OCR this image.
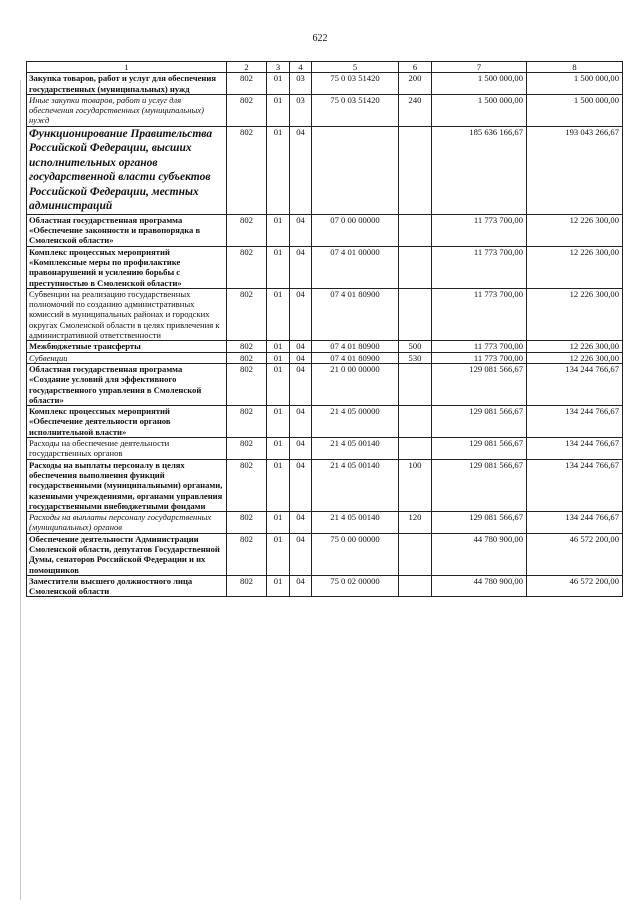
622
1	2	3	4	5	6	7	8
Закупка товаров, работ и услуг для обеспечения государственных (муниципальных) нужд	802	01	03	75 0 03 51420	200	1 500 000,00	1 500 000,00
Иные закупки товаров, работ и услуг для обеспечения государственных (муниципальных) нужд	802	01	03	75 0 03 51420	240	1 500 000,00	1 500 000,00
Функционирование Правительства Российской Федерации, высших исполнительных органов государственной власти субъектов Российской Федерации, местных администраций	802	01	04			185 636 166,67	193 043 266,67
Областная государственная программа «Обеспечение законности и правопорядка в Смоленской области»	802	01	04	07 0 00 00000		11 773 700,00	12 226 300,00
Комплекс процессных мероприятий «Комплексные меры по профилактике правонарушений и усилению борьбы с преступностью в Смоленской области»	802	01	04	07 4 01 00000		11 773 700,00	12 226 300,00
Субвенции на реализацию государственных полномочий по созданию административных комиссий в муниципальных районах и городских округах Смоленской области в целях привлечения к административной ответственности	802	01	04	07 4 01 80900		11 773 700,00	12 226 300,00
Межбюджетные трансферты	802	01	04	07 4 01 80900	500	11 773 700,00	12 226 300,00
Субвенции	802	01	04	07 4 01 80900	530	11 773 700,00	12 226 300,00
Областная государственная программа «Создание условий для эффективного государственного управления в Смоленской области»	802	01	04	21 0 00 00000		129 081 566,67	134 244 766,67
Комплекс процессных мероприятий «Обеспечение деятельности органов исполнительной власти»	802	01	04	21 4 05 00000		129 081 566,67	134 244 766,67
Расходы на обеспечение деятельности государственных органов	802	01	04	21 4 05 00140		129 081 566,67	134 244 766,67
Расходы на выплаты персоналу в целях обеспечения выполнения функций государственными (муниципальными) органами, казенными учреждениями, органами управления государственными внебюджетными фондами	802	01	04	21 4 05 00140	100	129 081 566,67	134 244 766,67
Расходы на выплаты персоналу государственных (муниципальных) органов	802	01	04	21 4 05 00140	120	129 081 566,67	134 244 766,67
Обеспечение деятельности Администрации Смоленской области, депутатов Государственной Думы, сенаторов Российской Федерации и их помощников	802	01	04	75 0 00 00000		44 780 900,00	46 572 200,00
Заместители высшего должностного лица Смоленской области	802	01	04	75 0 02 00000		44 780 900,00	46 572 200,00
